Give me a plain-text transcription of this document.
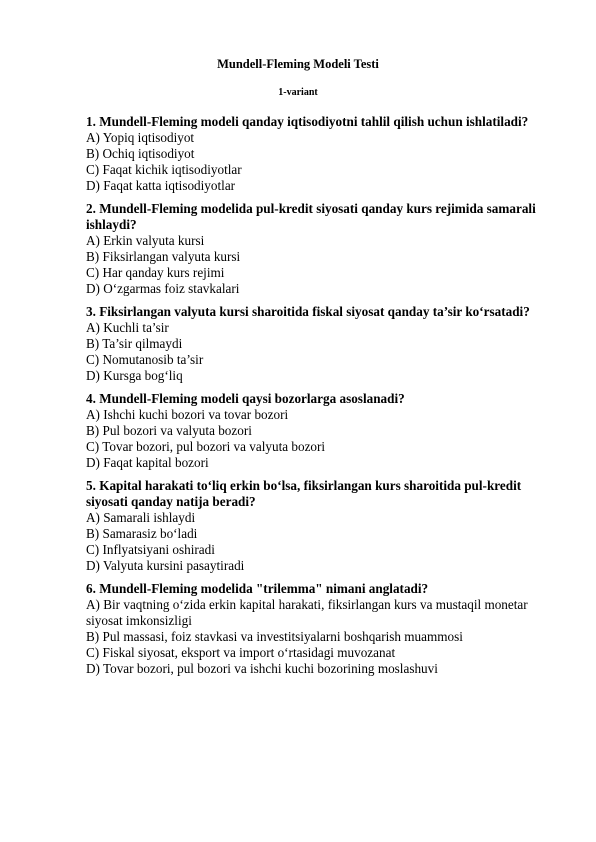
Mundell-Fleming Modeli Testi
1-variant
1. Mundell-Fleming modeli qanday iqtisodiyotni tahlil qilish uchun ishlatiladi?
A) Yopiq iqtisodiyot
B) Ochiq iqtisodiyot
C) Faqat kichik iqtisodiyotlar
D) Faqat katta iqtisodiyotlar
2. Mundell-Fleming modelida pul-kredit siyosati qanday kurs rejimida samarali ishlaydi?
A) Erkin valyuta kursi
B) Fiksirlangan valyuta kursi
C) Har qanday kurs rejimi
D) O‘zgarmas foiz stavkalari
3. Fiksirlangan valyuta kursi sharoitida fiskal siyosat qanday ta’sir ko‘rsatadi?
A) Kuchli ta’sir
B) Ta’sir qilmaydi
C) Nomutanosib ta’sir
D) Kursga bog‘liq
4. Mundell-Fleming modeli qaysi bozorlarga asoslanadi?
A) Ishchi kuchi bozori va tovar bozori
B) Pul bozori va valyuta bozori
C) Tovar bozori, pul bozori va valyuta bozori
D) Faqat kapital bozori
5. Kapital harakati to‘liq erkin bo‘lsa, fiksirlangan kurs sharoitida pul-kredit siyosati qanday natija beradi?
A) Samarali ishlaydi
B) Samarasiz bo‘ladi
C) Inflyatsiyani oshiradi
D) Valyuta kursini pasaytiradi
6. Mundell-Fleming modelida "trilemma" nimani anglatadi?
A) Bir vaqtning o‘zida erkin kapital harakati, fiksirlangan kurs va mustaqil monetar siyosat imkonsizligi
B) Pul massasi, foiz stavkasi va investitsiyalarni boshqarish muammosi
C) Fiskal siyosat, eksport va import o‘rtasidagi muvozanat
D) Tovar bozori, pul bozori va ishchi kuchi bozorining moslashuvi
